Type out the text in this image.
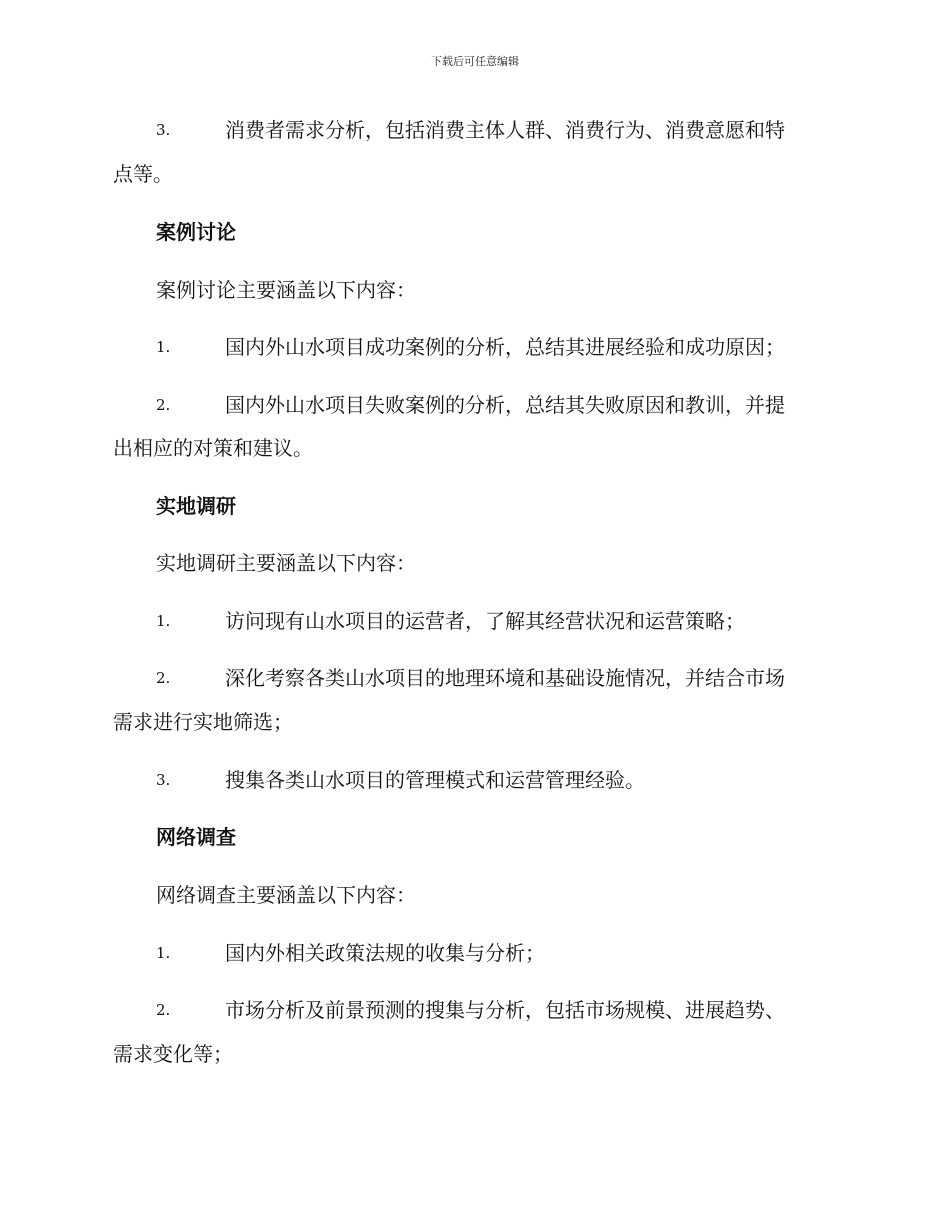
下载后可任意编辑
3.	消费者需求分析，包括消费主体人群、消费行为、消费意愿和特
点等。
案例讨论
案例讨论主要涵盖以下内容：
1.	国内外山水项目成功案例的分析，总结其进展经验和成功原因；
2.	国内外山水项目失败案例的分析，总结其失败原因和教训，并提
出相应的对策和建议。
实地调研
实地调研主要涵盖以下内容：
1.	访问现有山水项目的运营者，了解其经营状况和运营策略；
2.	深化考察各类山水项目的地理环境和基础设施情况，并结合市场
需求进行实地筛选；
3.	搜集各类山水项目的管理模式和运营管理经验。
网络调查
网络调查主要涵盖以下内容：
1.	国内外相关政策法规的收集与分析；
2.	市场分析及前景预测的搜集与分析，包括市场规模、进展趋势、
需求变化等；
